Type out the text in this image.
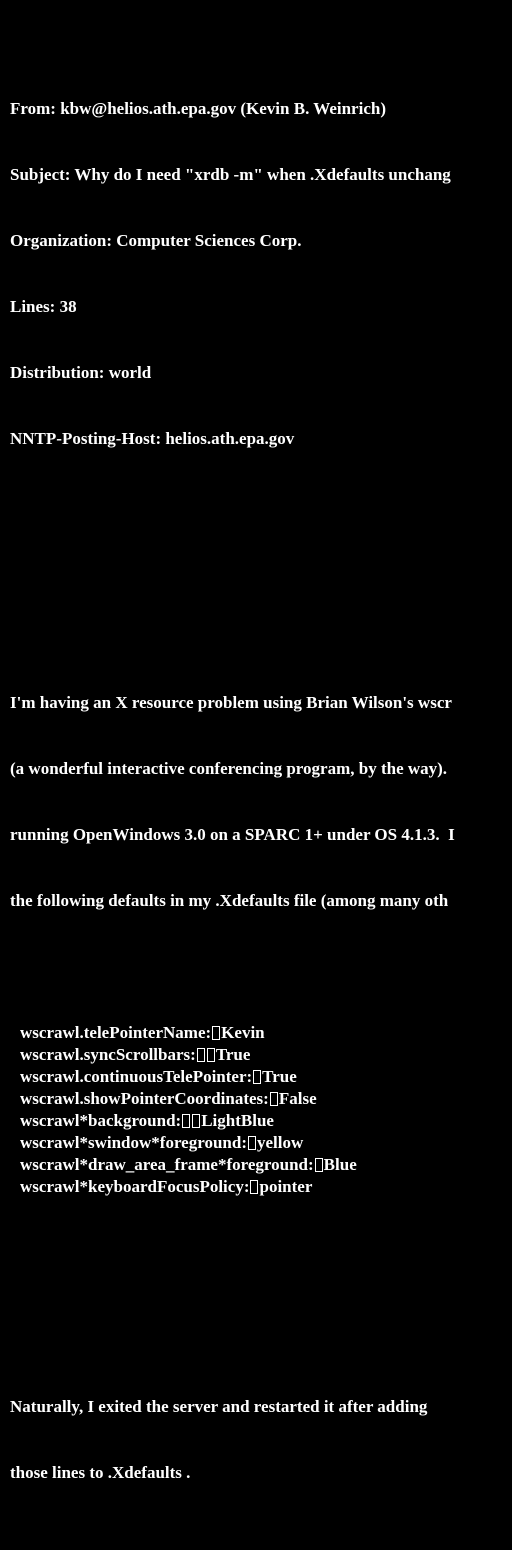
From: kbw@helios.ath.epa.gov (Kevin B. Weinrich)

Subject: Why do I need "xrdb -m" when .Xdefaults unchang

Organization: Computer Sciences Corp.

Lines: 38

Distribution: world

NNTP-Posting-Host: helios.ath.epa.gov

I'm having an X resource problem using Brian Wilson's wscr

(a wonderful interactive conferencing program, by the way).

running OpenWindows 3.0 on a SPARC 1+ under OS 4.1.3.  I

the following defaults in my .Xdefaults file (among many oth

wscrawl.telePointerName: Kevin
wscrawl.syncScrollbars: True
wscrawl.continuousTelePointer: True
wscrawl.showPointerCoordinates: False
wscrawl*background: LightBlue
wscrawl*swindow*foreground: yellow
wscrawl*draw_area_frame*foreground: Blue
wscrawl*keyboardFocusPolicy: pointer

Naturally, I exited the server and restarted it after adding

those lines to .Xdefaults .
